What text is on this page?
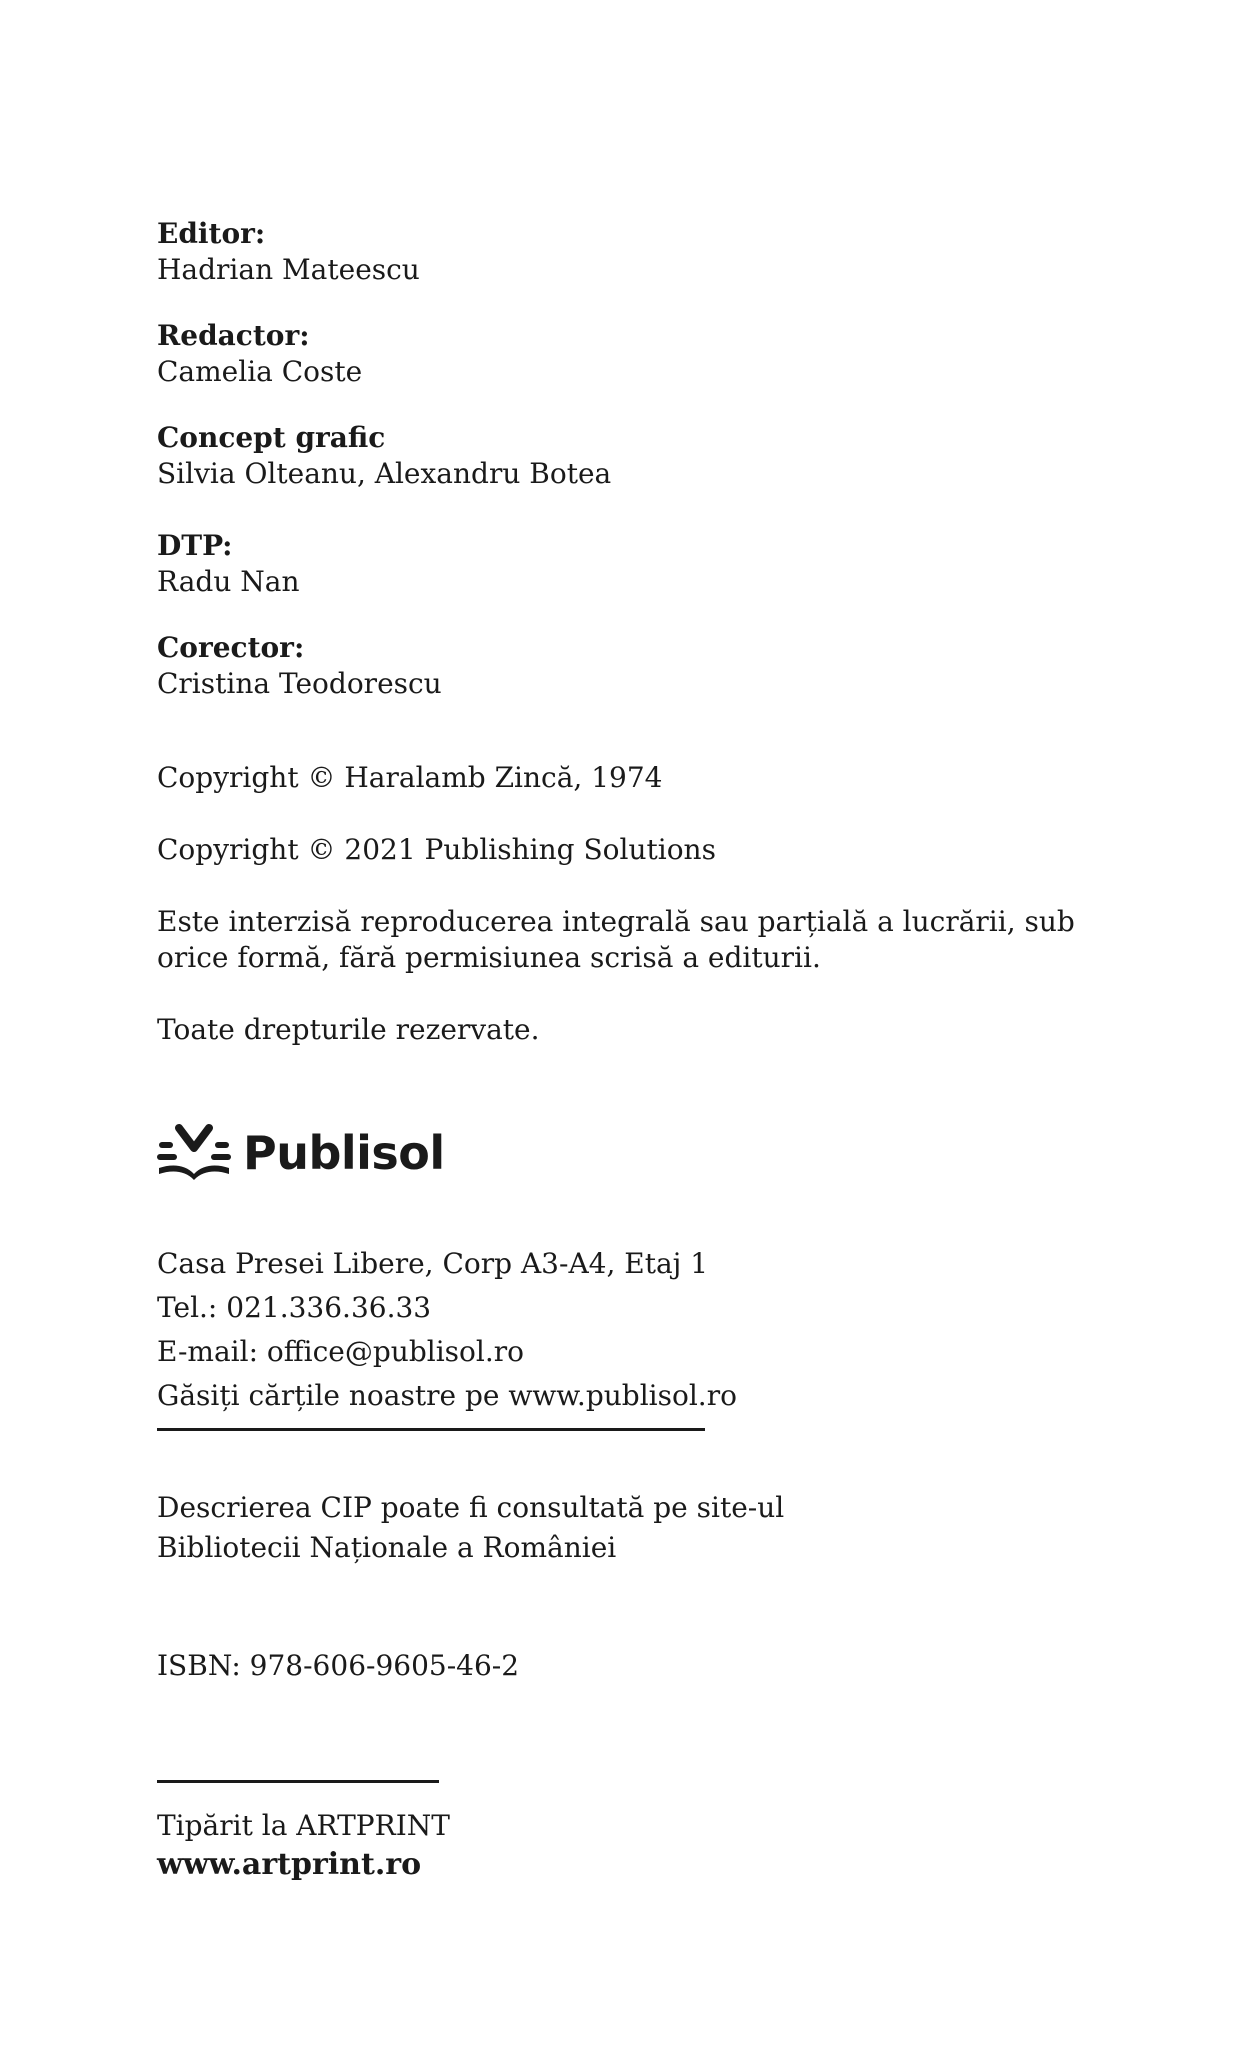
Editor:
Hadrian Mateescu
Redactor:
Camelia Coste
Concept grafic
Silvia Olteanu, Alexandru Botea
DTP:
Radu Nan
Corector:
Cristina Teodorescu
Copyright © Haralamb Zincă, 1974
Copyright © 2021 Publishing Solutions
Este interzisă reproducerea integrală sau parțială a lucrării, sub
orice formă, fără permisiunea scrisă a editurii.
Toate drepturile rezervate.
Publisol
Casa Presei Libere, Corp A3-A4, Etaj 1
Tel.: 021.336.36.33
E-mail: office@publisol.ro
Găsiți cărțile noastre pe www.publisol.ro
Descrierea CIP poate fi consultată pe site-ul
Bibliotecii Naționale a României
ISBN: 978-606-9605-46-2
Tipărit la ARTPRINT
www.artprint.ro
